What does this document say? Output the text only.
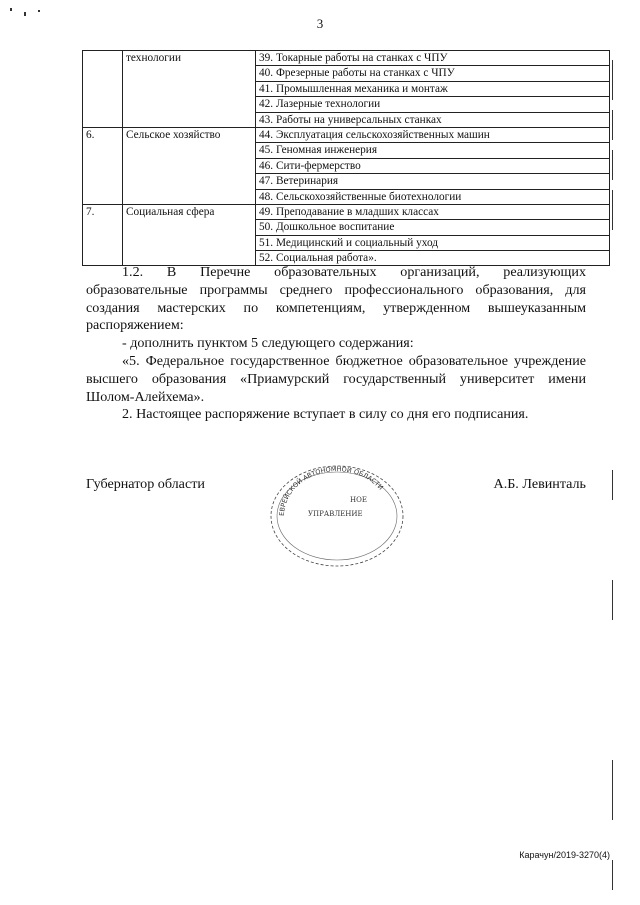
3
	технологии	39. Токарные работы на станках с ЧПУ
		40. Фрезерные работы на станках с ЧПУ
		41. Промышленная механика и монтаж
		42. Лазерные технологии
		43. Работы на универсальных станках
6.	Сельское хозяйство	44. Эксплуатация сельскохозяйственных машин
		45. Геномная инженерия
		46. Сити-фермерство
		47. Ветеринария
		48. Сельскохозяйственные биотехнологии
7.	Социальная сфера	49. Преподавание в младших классах
		50. Дошкольное воспитание
		51. Медицинский и социальный уход
		52. Социальная работа».

1.2. В Перечне образовательных организаций, реализующих образовательные программы среднего профессионального образования, для создания мастерских по компетенциям, утвержденном вышеуказанным распоряжением:

- дополнить пунктом 5 следующего содержания:

«5. Федеральное государственное бюджетное образовательное учреждение высшего образования «Приамурский государственный университет имени Шолом-Алейхема».

2. Настоящее распоряжение вступает в силу со дня его подписания.

Губернатор области	А.Б. Левинталь
ЕВРЕЙСКОЙ АВТОНОМНОЙ ОБЛАСТИ
НОЕ
УПРАВЛЕНИЕ
Карачун/2019-3270(4)
